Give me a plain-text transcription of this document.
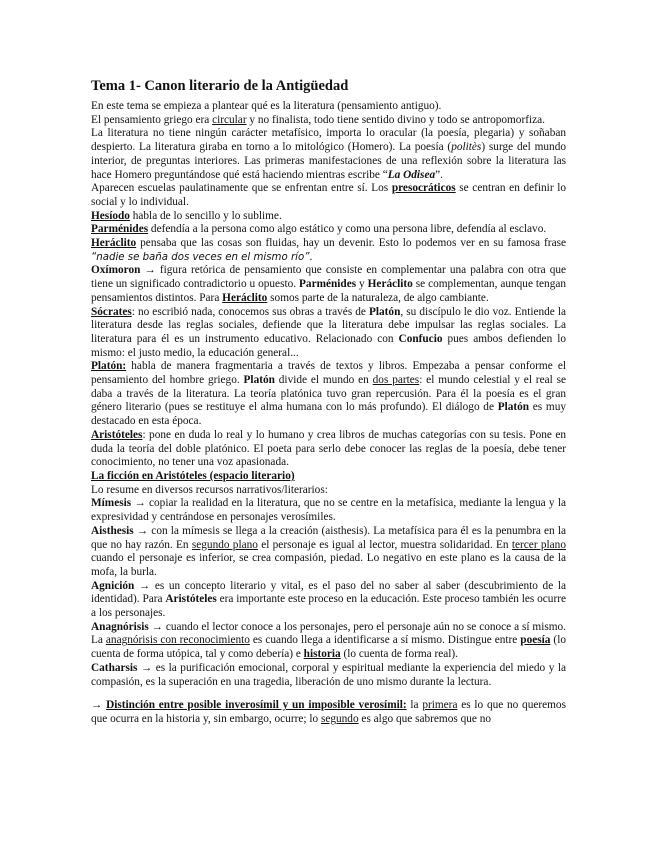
Tema 1- Canon literario de la Antigüedad

En este tema se empieza a plantear qué es la literatura (pensamiento antiguo).

El pensamiento griego era circular y no finalista, todo tiene sentido divino y todo se antropomorfiza.

La literatura no tiene ningún carácter metafísico, importa lo oracular (la poesía, plegaria) y soñaban despierto. La literatura giraba en torno a lo mitológico (Homero). La poesía (politès) surge del mundo interior, de preguntas interiores. Las primeras manifestaciones de una reflexión sobre la literatura las hace Homero preguntándose qué está haciendo mientras escribe “La Odisea”.

Aparecen escuelas paulatinamente que se enfrentan entre sí. Los presocráticos se centran en definir lo social y lo individual.

Hesíodo habla de lo sencillo y lo sublime.

Parménides defendía a la persona como algo estático y como una persona libre, defendía al esclavo.

Heráclito pensaba que las cosas son fluidas, hay un devenir. Esto lo podemos ver en su famosa frase “nadie se baña dos veces en el mismo río”.

Oxímoron → figura retórica de pensamiento que consiste en complementar una palabra con otra que tiene un significado contradictorio u opuesto. Parménides y Heráclito se complementan, aunque tengan pensamientos distintos. Para Heráclito somos parte de la naturaleza, de algo cambiante.

Sócrates: no escribió nada, conocemos sus obras a través de Platón, su discípulo le dio voz. Entiende la literatura desde las reglas sociales, defiende que la literatura debe impulsar las reglas sociales. La literatura para él es un instrumento educativo. Relacionado con Confucio pues ambos defienden lo mismo: el justo medio, la educación general...

Platón: habla de manera fragmentaria a través de textos y libros. Empezaba a pensar conforme el pensamiento del hombre griego. Platón divide el mundo en dos partes: el mundo celestial y el real se daba a través de la literatura. La teoría platónica tuvo gran repercusión. Para él la poesía es el gran género literario (pues se restituye el alma humana con lo más profundo). El diálogo de Platón es muy destacado en esta época.

Aristóteles: pone en duda lo real y lo humano y crea libros de muchas categorías con su tesis. Pone en duda la teoría del doble platónico. El poeta para serlo debe conocer las reglas de la poesía, debe tener conocimiento, no tener una voz apasionada.

La ficción en Aristóteles (espacio literario)

Lo resume en diversos recursos narrativos/literarios:

Mímesis → copiar la realidad en la literatura, que no se centre en la metafísica, mediante la lengua y la expresividad y centrándose en personajes verosímiles.

Aisthesis → con la mímesis se llega a la creación (aisthesis). La metafísica para él es la penumbra en la que no hay razón. En segundo plano el personaje es igual al lector, muestra solidaridad. En tercer plano cuando el personaje es inferior, se crea compasión, piedad. Lo negativo en este plano es la causa de la mofa, la burla.

Agnición → es un concepto literario y vital, es el paso del no saber al saber (descubrimiento de la identidad). Para Aristóteles era importante este proceso en la educación. Este proceso también les ocurre a los personajes.

Anagnórisis → cuando el lector conoce a los personajes, pero el personaje aún no se conoce a sí mismo. La anagnórisis con reconocimiento es cuando llega a identificarse a sí mismo. Distingue entre poesía (lo cuenta de forma utópica, tal y como debería) e historia (lo cuenta de forma real).

Catharsis → es la purificación emocional, corporal y espiritual mediante la experiencia del miedo y la compasión, es la superación en una tragedia, liberación de uno mismo durante la lectura.

→ Distinción entre posible inverosímil y un imposible verosímil: la primera es lo que no queremos que ocurra en la historia y, sin embargo, ocurre; lo segundo es algo que sabremos que no
